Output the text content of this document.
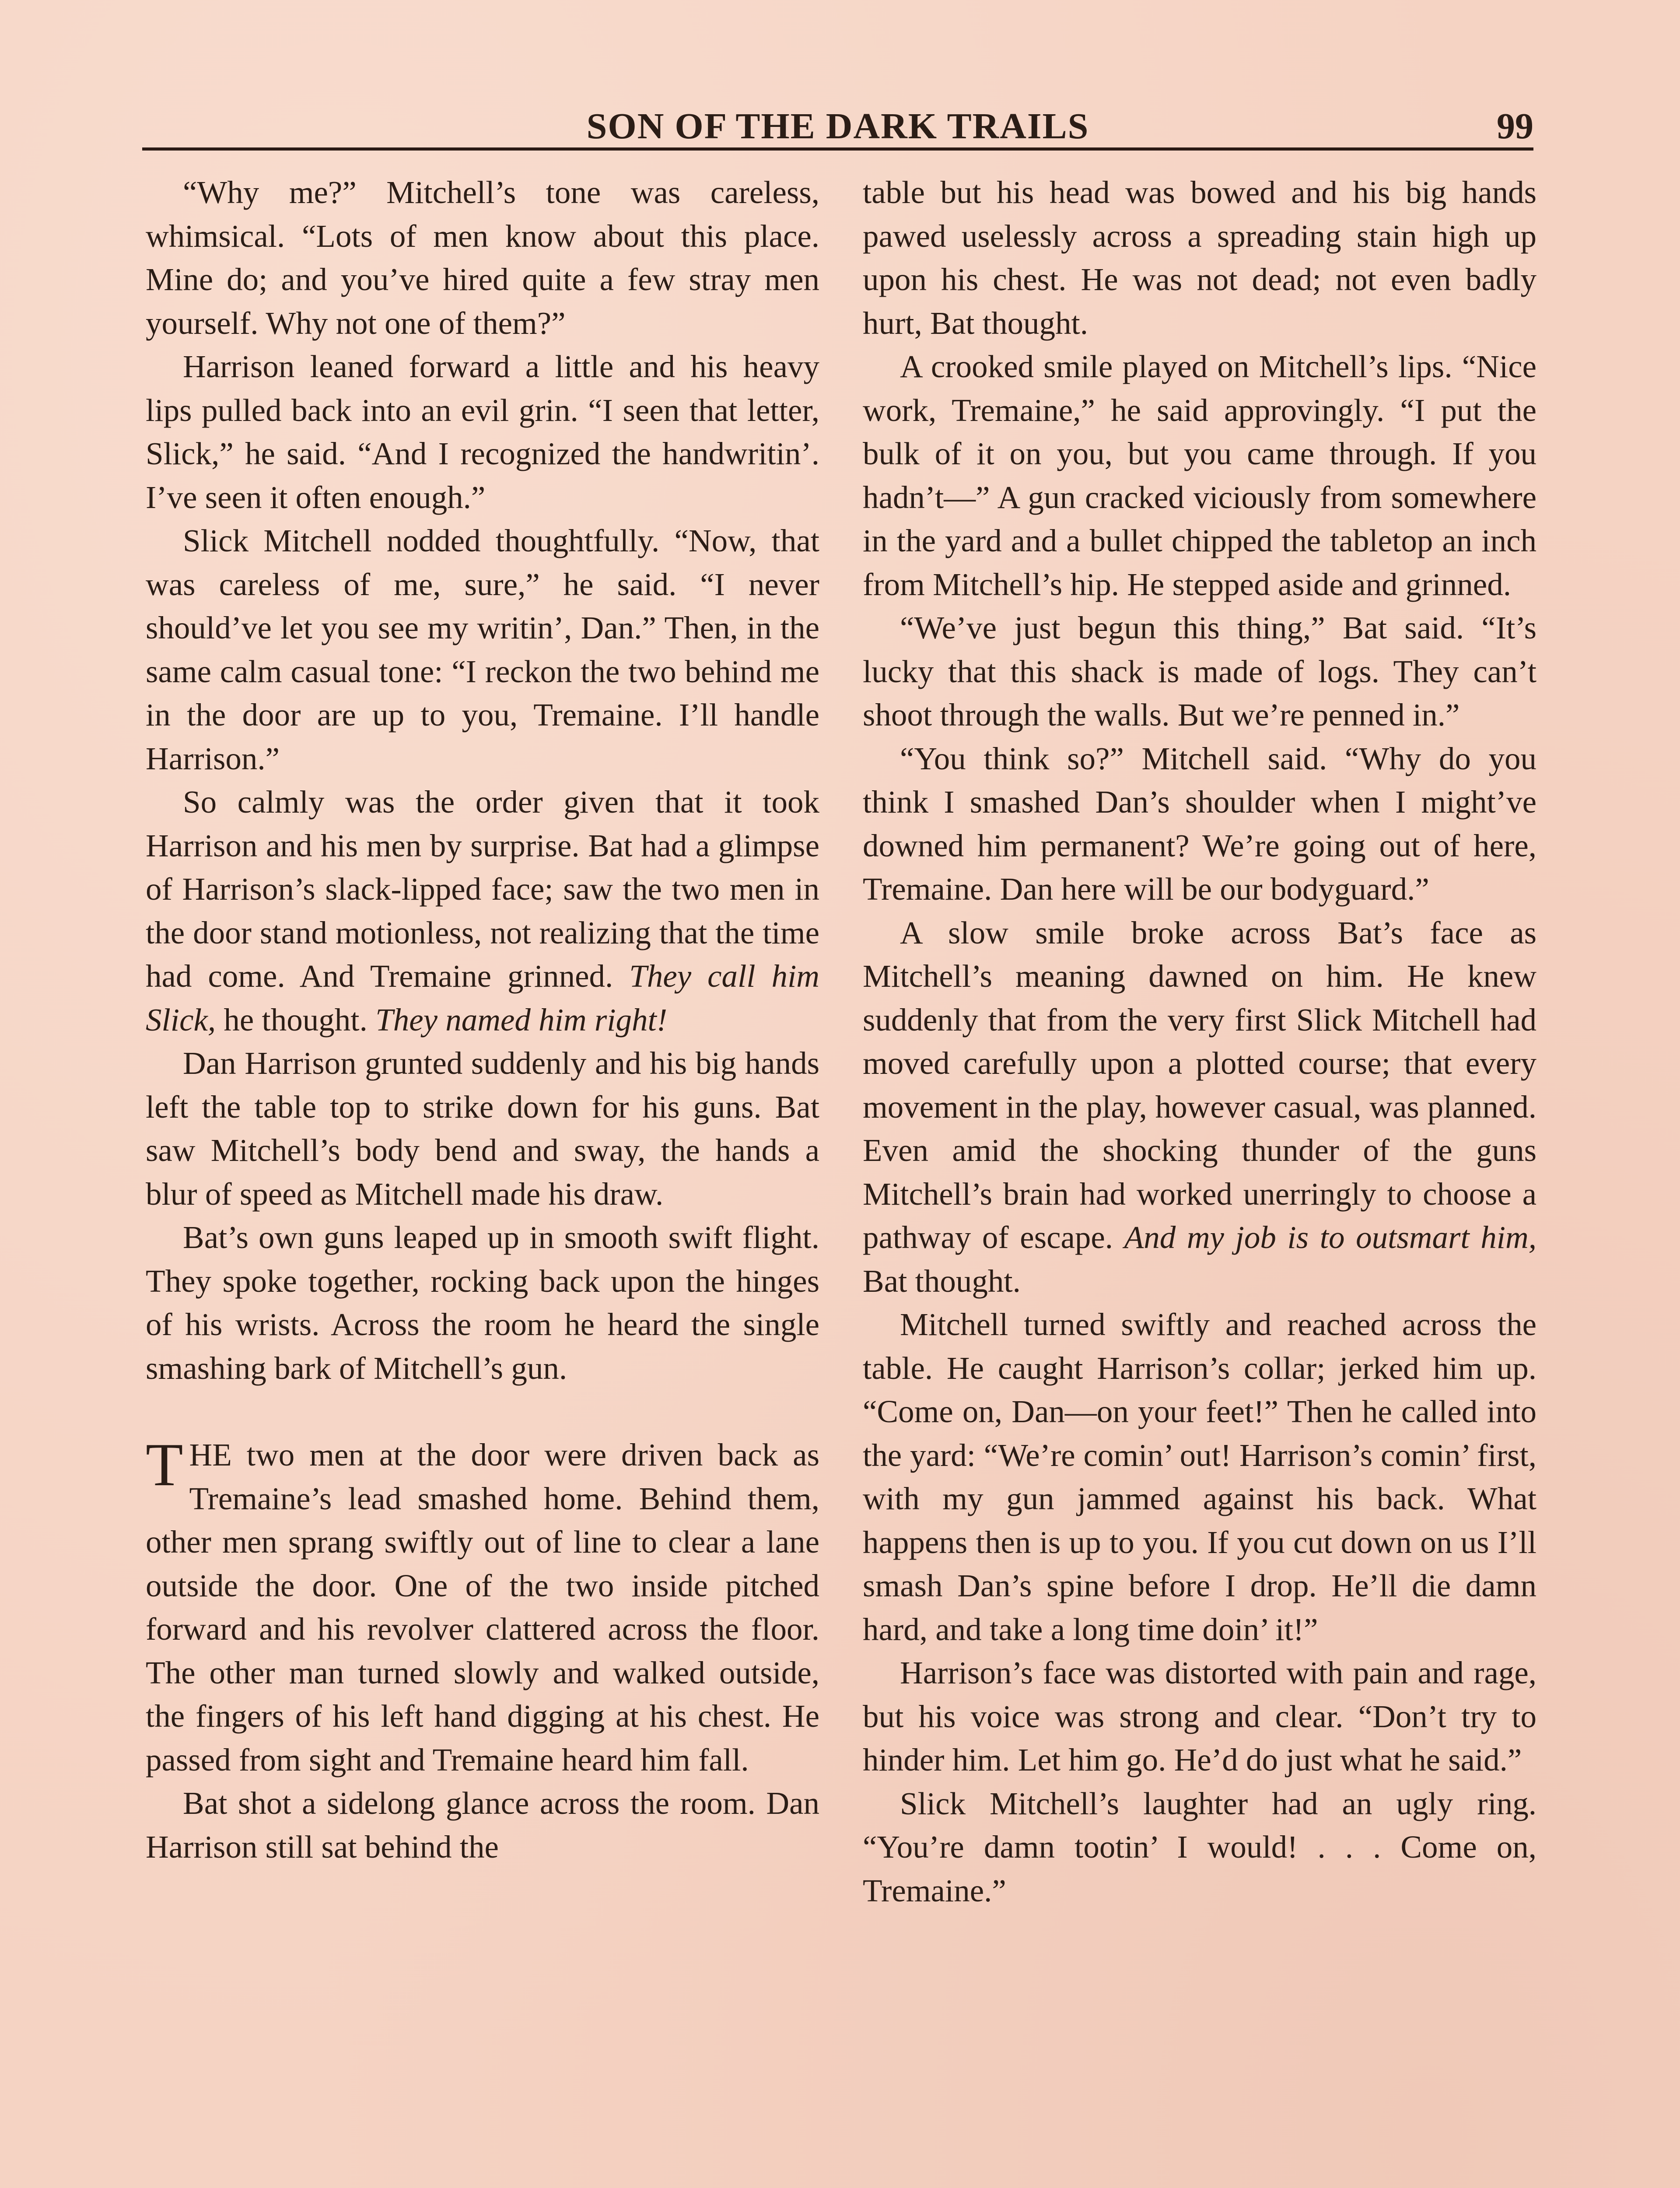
SON OF THE DARK TRAILS	99

“Why me?” Mitchell’s tone was careless, whimsical. “Lots of men know about this place. Mine do; and you’ve hired quite a few stray men yourself. Why not one of them?”

Harrison leaned forward a little and his heavy lips pulled back into an evil grin. “I seen that letter, Slick,” he said. “And I recognized the handwritin’. I’ve seen it often enough.”

Slick Mitchell nodded thoughtfully. “Now, that was careless of me, sure,” he said. “I never should’ve let you see my writin’, Dan.” Then, in the same calm casual tone: “I reckon the two behind me in the door are up to you, Tremaine. I’ll handle Harrison.”

So calmly was the order given that it took Harrison and his men by surprise. Bat had a glimpse of Harrison’s slack-lipped face; saw the two men in the door stand motionless, not realizing that the time had come. And Tremaine grinned. They call him Slick, he thought. They named him right!

Dan Harrison grunted suddenly and his big hands left the table top to strike down for his guns. Bat saw Mitchell’s body bend and sway, the hands a blur of speed as Mitchell made his draw.

Bat’s own guns leaped up in smooth swift flight. They spoke together, rocking back upon the hinges of his wrists. Across the room he heard the single smashing bark of Mitchell’s gun.

THE two men at the door were driven back as Tremaine’s lead smashed home. Behind them, other men sprang swiftly out of line to clear a lane outside the door. One of the two inside pitched forward and his revolver clattered across the floor. The other man turned slowly and walked outside, the fingers of his left hand digging at his chest. He passed from sight and Tremaine heard him fall.

Bat shot a sidelong glance across the room. Dan Harrison still sat behind the

table but his head was bowed and his big hands pawed uselessly across a spreading stain high up upon his chest. He was not dead; not even badly hurt, Bat thought.

A crooked smile played on Mitchell’s lips. “Nice work, Tremaine,” he said approvingly. “I put the bulk of it on you, but you came through. If you hadn’t—” A gun cracked viciously from somewhere in the yard and a bullet chipped the tabletop an inch from Mitchell’s hip. He stepped aside and grinned.

“We’ve just begun this thing,” Bat said. “It’s lucky that this shack is made of logs. They can’t shoot through the walls. But we’re penned in.”

“You think so?” Mitchell said. “Why do you think I smashed Dan’s shoulder when I might’ve downed him permanent? We’re going out of here, Tremaine. Dan here will be our bodyguard.”

A slow smile broke across Bat’s face as Mitchell’s meaning dawned on him. He knew suddenly that from the very first Slick Mitchell had moved carefully upon a plotted course; that every movement in the play, however casual, was planned. Even amid the shocking thunder of the guns Mitchell’s brain had worked unerringly to choose a pathway of escape. And my job is to outsmart him, Bat thought.

Mitchell turned swiftly and reached across the table. He caught Harrison’s collar; jerked him up. “Come on, Dan—on your feet!” Then he called into the yard: “We’re comin’ out! Harrison’s comin’ first, with my gun jammed against his back. What happens then is up to you. If you cut down on us I’ll smash Dan’s spine before I drop. He’ll die damn hard, and take a long time doin’ it!”

Harrison’s face was distorted with pain and rage, but his voice was strong and clear. “Don’t try to hinder him. Let him go. He’d do just what he said.”

Slick Mitchell’s laughter had an ugly ring. “You’re damn tootin’ I would! . . . Come on, Tremaine.”
